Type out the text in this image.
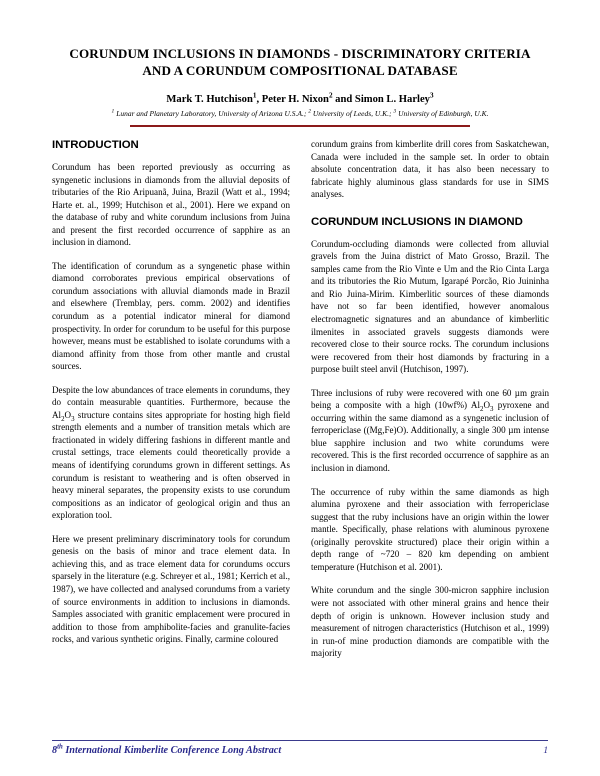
CORUNDUM INCLUSIONS IN DIAMONDS - DISCRIMINATORY CRITERIA
AND A CORUNDUM COMPOSITIONAL DATABASE
Mark T. Hutchison$^1$, Peter H. Nixon$^2$ and Simon L. Harley$^3$
$^1$ Lunar and Planetary Laboratory, University of Arizona U.S.A.; $^2$ University of Leeds, U.K.; $^3$ University of Edinburgh, U.K.
INTRODUCTION

Corundum has been reported previously as occurring as syngenetic inclusions in diamonds from the alluvial deposits of tributaries of the Rio Aripuanã, Juina, Brazil (Watt et al., 1994; Harte et. al., 1999; Hutchison et al., 2001). Here we expand on the database of ruby and white corundum inclusions from Juina and present the first recorded occurrence of sapphire as an inclusion in diamond.

The identification of corundum as a syngenetic phase within diamond corroborates previous empirical observations of corundum associations with alluvial diamonds made in Brazil and elsewhere (Tremblay, pers. comm. 2002) and identifies corundum as a potential indicator mineral for diamond prospectivity. In order for corundum to be useful for this purpose however, means must be established to isolate corundums with a diamond affinity from those from other mantle and crustal sources.

Despite the low abundances of trace elements in corundums, they do contain measurable quantities. Furthermore, because the $Al_2O_3$ structure contains sites appropriate for hosting high field strength elements and a number of transition metals which are fractionated in widely differing fashions in different mantle and crustal settings, trace elements could theoretically provide a means of identifying corundums grown in different settings. As corundum is resistant to weathering and is often observed in heavy mineral separates, the propensity exists to use corundum compositions as an indicator of geological origin and thus an exploration tool.

Here we present preliminary discriminatory tools for corundum genesis on the basis of minor and trace element data. In achieving this, and as trace element data for corundums occurs sparsely in the literature (e.g. Schreyer et al., 1981; Kerrich et al., 1987), we have collected and analysed corundums from a variety of source environments in addition to inclusions in diamonds. Samples associated with granitic emplacement were procured in addition to those from amphibolite-facies and granulite-facies rocks, and various synthetic origins. Finally, carmine coloured

corundum grains from kimberlite drill cores from Saskatchewan, Canada were included in the sample set. In order to obtain absolute concentration data, it has also been necessary to fabricate highly aluminous glass standards for use in SIMS analyses.

CORUNDUM INCLUSIONS IN DIAMOND

Corundum-occluding diamonds were collected from alluvial gravels from the Juina district of Mato Grosso, Brazil. The samples came from the Rio Vinte e Um and the Rio Cinta Larga and its tributories the Rio Mutum, Igarapé Porcão, Rio Juininha and Rio Juina-Mirim. Kimberlitic sources of these diamonds have not so far been identified, however anomalous electromagnetic signatures and an abundance of kimberlitic ilmenites in associated gravels suggests diamonds were recovered close to their source rocks. The corundum inclusions were recovered from their host diamonds by fracturing in a purpose built steel anvil (Hutchison, 1997).

Three inclusions of ruby were recovered with one 60 µm grain being a composite with a high (10wf%) $Al_2O_3$ pyroxene and occurring within the same diamond as a syngenetic inclusion of ferropericlase ((Mg,Fe)O). Additionally, a single 300 µm intense blue sapphire inclusion and two white corundums were recovered. This is the first recorded occurrence of sapphire as an inclusion in diamond.

The occurrence of ruby within the same diamonds as high alumina pyroxene and their association with ferropericlase suggest that the ruby inclusions have an origin within the lower mantle. Specifically, phase relations with aluminous pyroxene (originally perovskite structured) place their origin within a depth range of ~720 – 820 km depending on ambient temperature (Hutchison et al. 2001).

White corundum and the single 300-micron sapphire inclusion were not associated with other mineral grains and hence their depth of origin is unknown. However inclusion study and measurement of nitrogen characteristics (Hutchison et al., 1999) in run-of mine production diamonds are compatible with the majority

8th International Kimberlite Conference Long Abstract	1
